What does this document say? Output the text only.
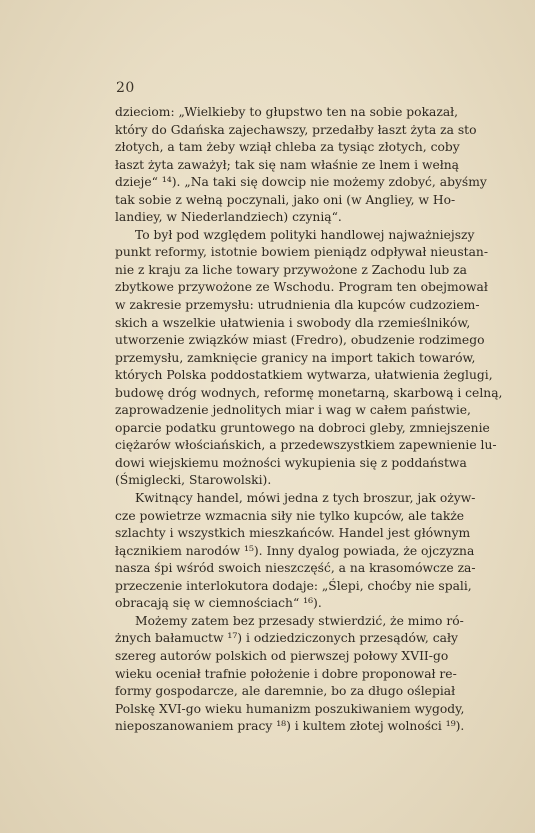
20
dzieciom: „Wielkieby to głupstwo ten na sobie pokazał,
który do Gdańska zajechawszy, przedałby łaszt żyta za sto
złotych, a tam żeby wziął chleba za tysiąc złotych, coby
łaszt żyta zaważył; tak się nam właśnie ze lnem i wełną
dzieje“ ¹⁴). „Na taki się dowcip nie możemy zdobyć, abyśmy
tak sobie z wełną poczynali, jako oni (w Angliey, w Ho-
landiey, w Niederlandziech) czynią“.
To był pod względem polityki handlowej najważniejszy
punkt reformy, istotnie bowiem pieniądz odpływał nieustan-
nie z kraju za liche towary przywożone z Zachodu lub za
zbytkowe przywożone ze Wschodu. Program ten obejmował
w zakresie przemysłu: utrudnienia dla kupców cudzoziem-
skich a wszelkie ułatwienia i swobody dla rzemieślników,
utworzenie związków miast (Fredro), obudzenie rodzimego
przemysłu, zamknięcie granicy na import takich towarów,
których Polska poddostatkiem wytwarza, ułatwienia żeglugi,
budowę dróg wodnych, reformę monetarną, skarbową i celną,
zaprowadzenie jednolitych miar i wag w całem państwie,
oparcie podatku gruntowego na dobroci gleby, zmniejszenie
ciężarów włościańskich, a przedewszystkiem zapewnienie lu-
dowi wiejskiemu możności wykupienia się z poddaństwa
(Śmiglecki, Starowolski).
Kwitnący handel, mówi jedna z tych broszur, jak ożyw-
cze powietrze wzmacnia siły nie tylko kupców, ale także
szlachty i wszystkich mieszkańców. Handel jest głównym
łącznikiem narodów ¹⁵). Inny dyalog powiada, że ojczyzna
nasza śpi wśród swoich nieszczęść, a na krasomówcze za-
przeczenie interlokutora dodaje: „Ślepi, choćby nie spali,
obracają się w ciemnościach“ ¹⁶).
Możemy zatem bez przesady stwierdzić, że mimo ró-
żnych bałamuctw ¹⁷) i odziedziczonych przesądów, cały
szereg autorów polskich od pierwszej połowy XVII-go
wieku oceniał trafnie położenie i dobre proponował re-
formy gospodarcze, ale daremnie, bo za długo oślepiał
Polskę XVI-go wieku humanizm poszukiwaniem wygody,
nieposzanowaniem pracy ¹⁸) i kultem złotej wolności ¹⁹).
